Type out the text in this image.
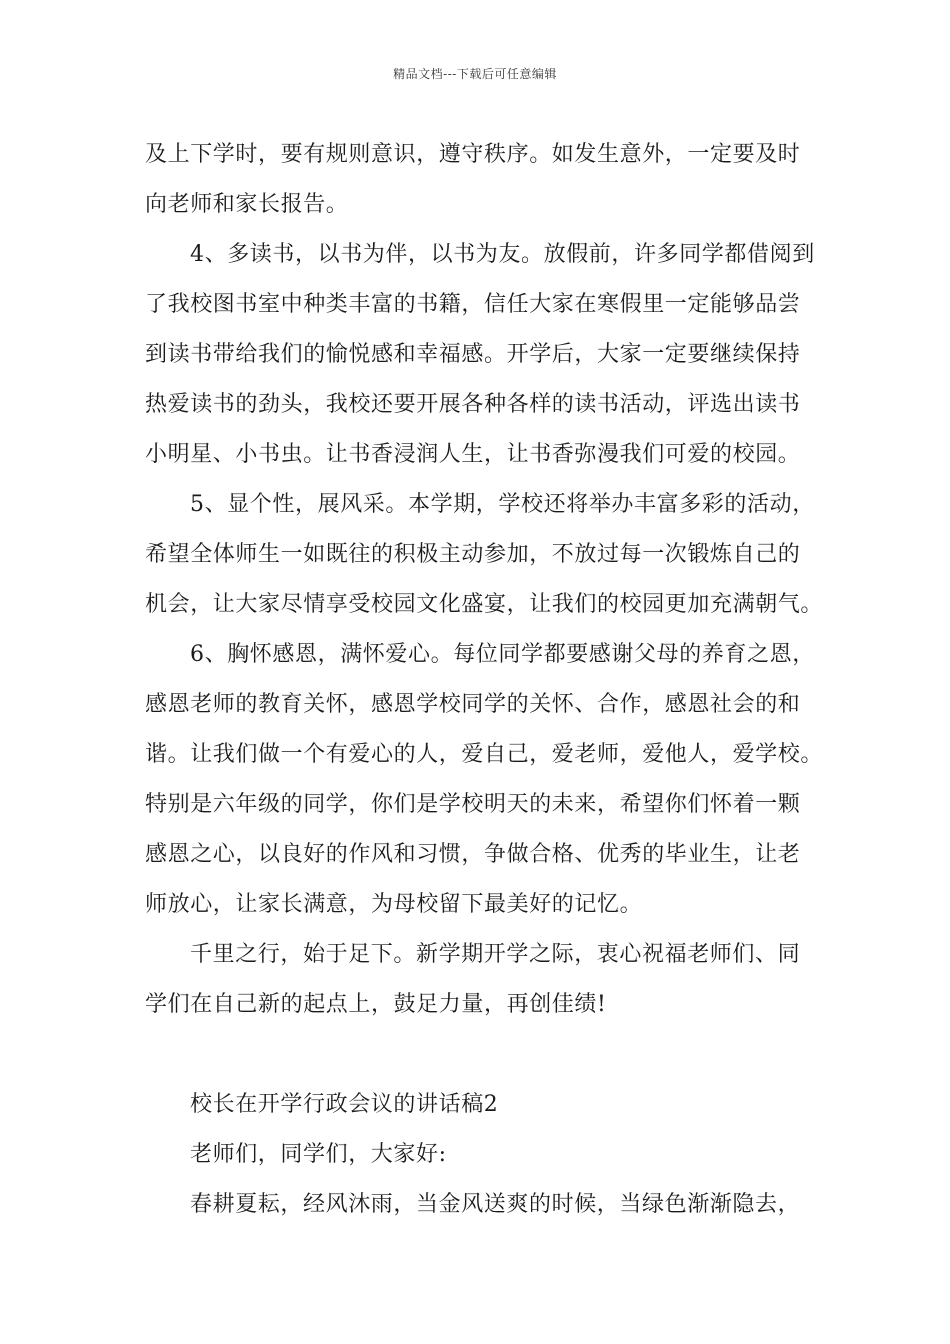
精品文档---下载后可任意编辑

及上下学时，要有规则意识，遵守秩序。如发生意外，一定要及时

向老师和家长报告。

4、多读书，以书为伴，以书为友。放假前，许多同学都借阅到

了我校图书室中种类丰富的书籍，信任大家在寒假里一定能够品尝

到读书带给我们的愉悦感和幸福感。开学后，大家一定要继续保持

热爱读书的劲头，我校还要开展各种各样的读书活动，评选出读书

小明星、小书虫。让书香浸润人生，让书香弥漫我们可爱的校园。

5、显个性，展风采。本学期，学校还将举办丰富多彩的活动，

希望全体师生一如既往的积极主动参加，不放过每一次锻炼自己的

机会，让大家尽情享受校园文化盛宴，让我们的校园更加充满朝气。

6、胸怀感恩，满怀爱心。每位同学都要感谢父母的养育之恩，

感恩老师的教育关怀，感恩学校同学的关怀、合作，感恩社会的和

谐。让我们做一个有爱心的人，爱自己，爱老师，爱他人，爱学校。

特别是六年级的同学，你们是学校明天的未来，希望你们怀着一颗

感恩之心，以良好的作风和习惯，争做合格、优秀的毕业生，让老

师放心，让家长满意，为母校留下最美好的记忆。

千里之行，始于足下。新学期开学之际，衷心祝福老师们、同

学们在自己新的起点上，鼓足力量，再创佳绩!

校长在开学行政会议的讲话稿2

老师们，同学们，大家好:

春耕夏耘，经风沐雨，当金风送爽的时候，当绿色渐渐隐去，
